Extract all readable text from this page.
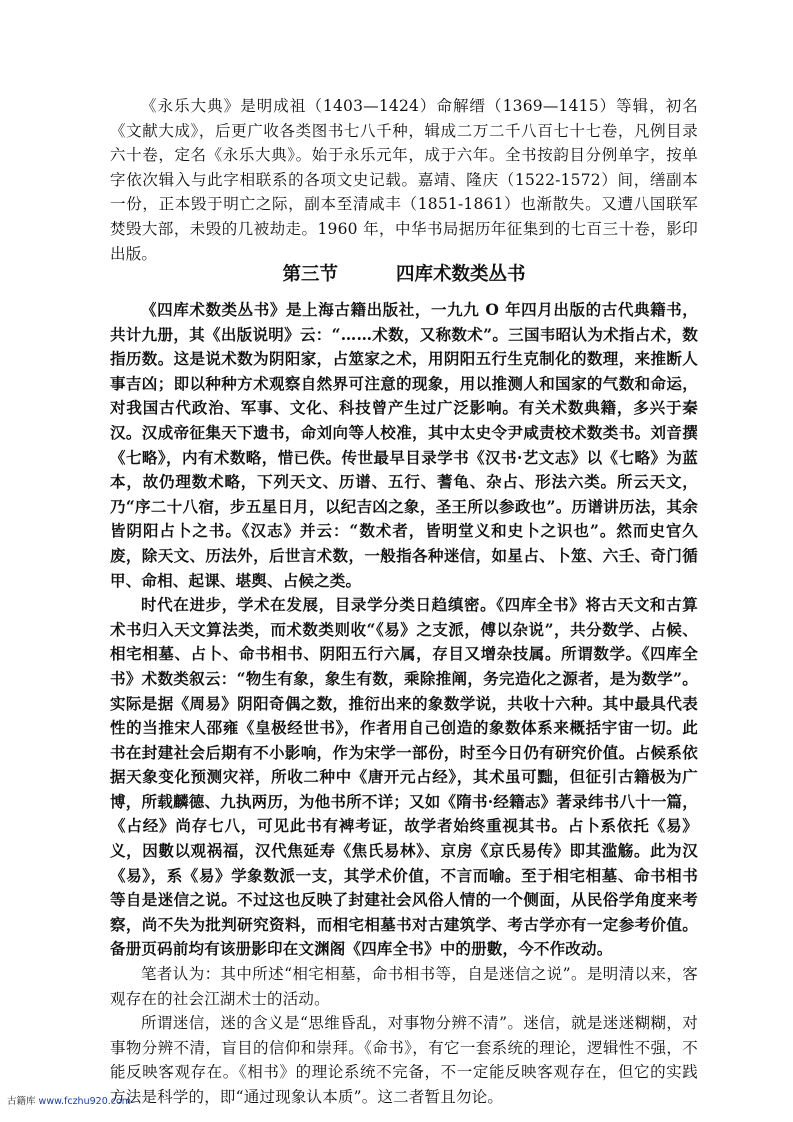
《永乐大典》是明成祖（1403—1424）命解缙（1369—1415）等辑，初名《文献大成》，后更广收各类图书七八千种，辑成二万二千八百七十七卷，凡例目录六十卷，定名《永乐大典》。始于永乐元年，成于六年。全书按韵目分例单字，按单字依次辑入与此字相联系的各项文史记载。嘉靖、隆庆（1522-1572）间，缮副本一份，正本毁于明亡之际，副本至清咸丰（1851-1861）也渐散失。又遭八国联军焚毁大部，未毁的几被劫走。1960 年，中华书局据历年征集到的七百三十卷，影印出版。

第三节	四库术数类丛书

《四库术数类丛书》是上海古籍出版社，一九九 O 年四月出版的古代典籍书，共计九册，其《出版说明》云：“……术数，又称数术”。三国韦昭认为术指占术，数指历数。这是说术数为阴阳家，占筮家之术，用阴阳五行生克制化的数理，来推断人事吉凶；即以种种方术观察自然界可注意的现象，用以推测人和国家的气数和命运，对我国古代政治、军事、文化、科技曾产生过广泛影响。有关术数典籍，多兴于秦汉。汉成帝征集天下遗书，命刘向等人校准，其中太史令尹咸责校术数类书。刘音撰《七略》，内有术数略，惜已佚。传世最早目录学书《汉书·艺文志》以《七略》为蓝本，故仍理数术略，下列天文、历谱、五行、蓍龟、杂占、形法六类。所云天文，乃“序二十八宿，步五星日月，以纪吉凶之象，圣王所以参政也”。历谱讲历法，其余皆阴阳占卜之书。《汉志》并云：“数术者，皆明堂义和史卜之识也”。然而史官久废，除天文、历法外，后世言术数，一般指各种迷信，如星占、卜筮、六壬、奇门循甲、命相、起课、堪舆、占候之类。

时代在进步，学术在发展，目录学分类日趋缜密。《四库全书》将古天文和古算术书归入天文算法类，而术数类则收“《易》之支派，傅以杂说”，共分数学、占候、相宅相墓、占卜、命书相书、阴阳五行六属，存目又增杂技属。所谓数学。《四库全书》术数类叙云：“物生有象，象生有数，乘除推阐，务完造化之源者，是为数学”。实际是据《周易》阴阳奇偶之数，推衍出来的象数学说，共收十六种。其中最具代表性的当推宋人邵雍《皇极经世书》，作者用自己创造的象数体系来概括宇宙一切。此书在封建社会后期有不小影响，作为宋学一部份，时至今日仍有研究价值。占候系依据天象变化预测灾祥，所收二种中《唐开元占经》，其术虽可黜，但征引古籍极为广博，所载麟德、九执两历，为他书所不详；又如《隋书·经籍志》著录纬书八十一篇，《占经》尚存七八，可见此书有裨考证，故学者始终重视其书。占卜系依托《易》义，因數以观祸福，汉代焦延寿《焦氏易林》、京房《京氏易传》即其滥觞。此为汉《易》，系《易》学象数派一支，其学术价值，不言而喻。至于相宅相墓、命书相书等自是迷信之说。不过这也反映了封建社会风俗人情的一个侧面，从民俗学角度来考察，尚不失为批判研究资料，而相宅相墓书对古建筑学、考古学亦有一定参考价值。备册页码前均有该册影印在文渊阁《四库全书》中的册數，今不作改动。

笔者认为：其中所述“相宅相墓，命书相书等，自是迷信之说”。是明清以来，客观存在的社会江湖术士的活动。

所谓迷信，迷的含义是“思维昏乱，对事物分辨不清”。迷信，就是迷迷糊糊，对事物分辨不清，盲目的信仰和崇拜。《命书》，有它一套系统的理论，逻辑性不强，不能反映客观存在。《相书》的理论系统不完备，不一定能反映客观存在，但它的实践方法是科学的，即“通过现象认本质”。这二者暂且勿论。

古籍库 www.fczhu920.com
